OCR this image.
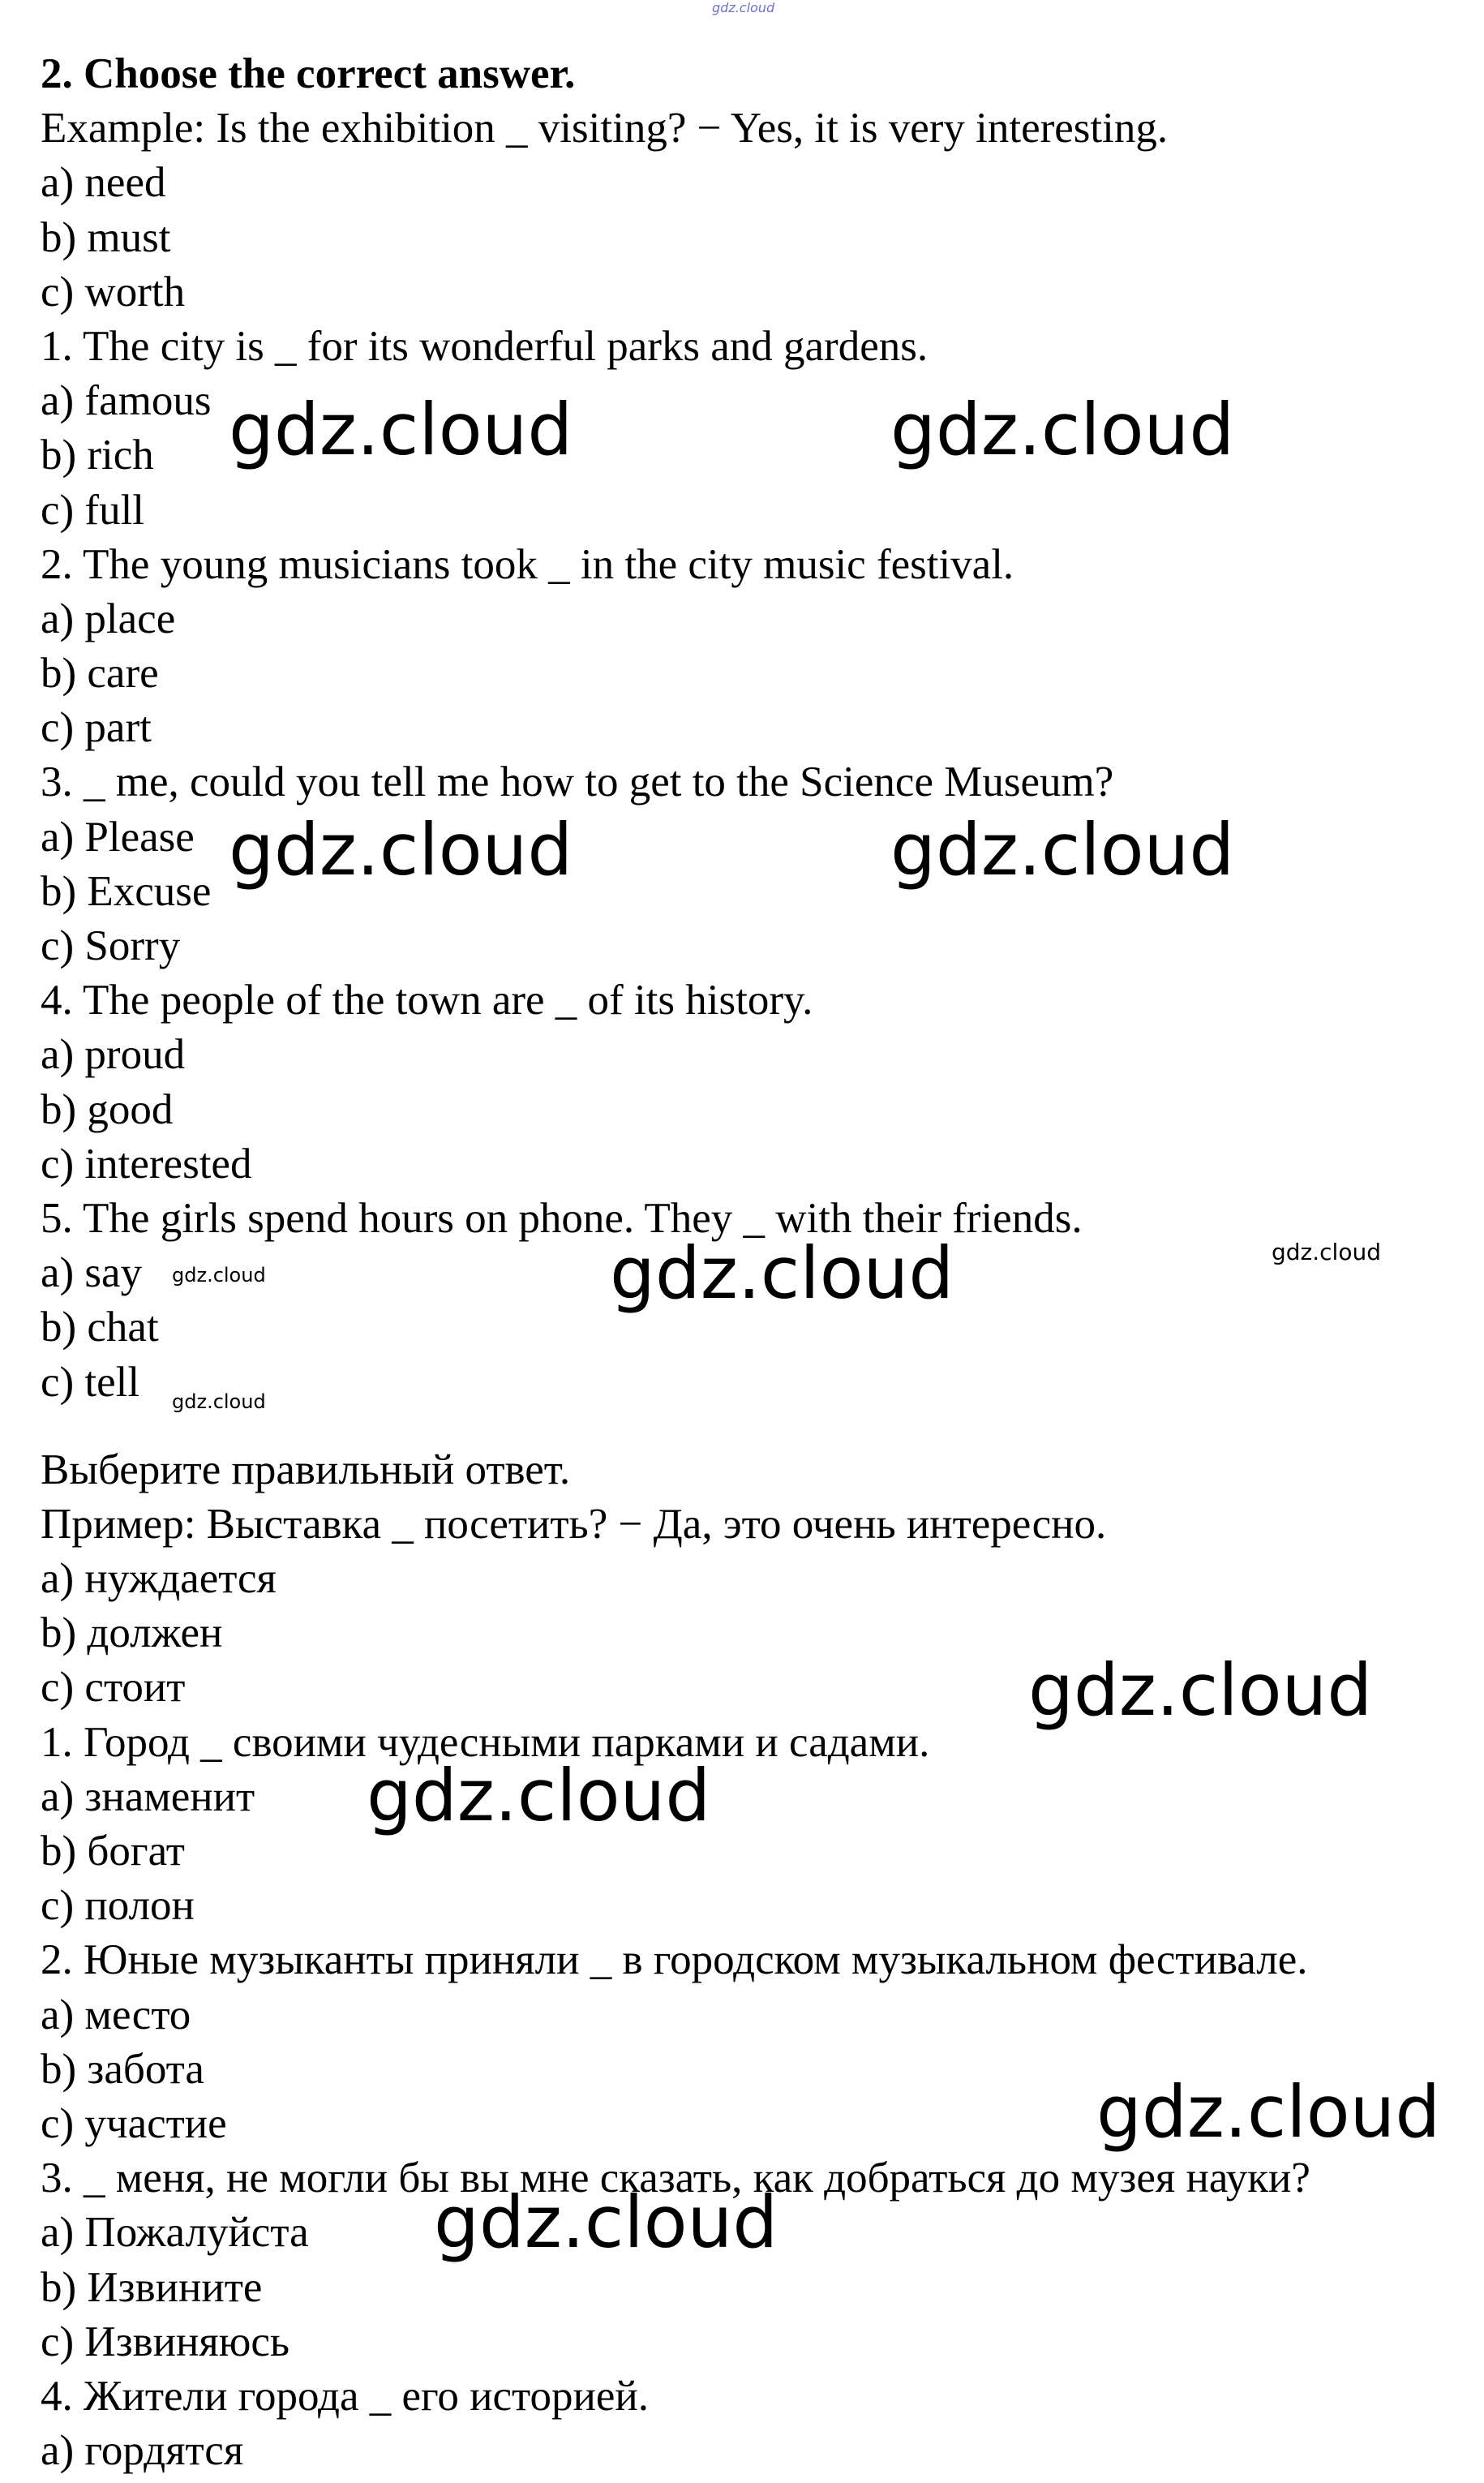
gdz.cloud
2. Choose the correct answer.
Example: Is the exhibition _ visiting? − Yes, it is very interesting.
a) need
b) must
c) worth
1. The city is _ for its wonderful parks and gardens.
a) famous
b) rich
c) full
2. The young musicians took _ in the city music festival.
a) place
b) care
c) part
3. _ me, could you tell me how to get to the Science Museum?
a) Please
b) Excuse
c) Sorry
4. The people of the town are _ of its history.
a) proud
b) good
c) interested
5. The girls spend hours on phone. They _ with their friends.
a) say
b) chat
c) tell
Выберите правильный ответ.
Пример: Выставка _ посетить? − Да, это очень интересно.
a) нуждается
b) должен
c) стоит
1. Город _ своими чудесными парками и садами.
a) знаменит
b) богат
c) полон
2. Юные музыканты приняли _ в городском музыкальном фестивале.
a) место
b) забота
c) участие
3. _ меня, не могли бы вы мне сказать, как добраться до музея науки?
a) Пожалуйста
b) Извините
c) Извиняюсь
4. Жители города _ его историей.
a) гордятся
gdz.cloud	gdz.cloud
gdz.cloud	gdz.cloud
gdz.cloud	gdz.cloud
gdz.cloud
gdz.cloud
gdz.cloud
gdz.cloud
gdz.cloud
gdz.cloud
